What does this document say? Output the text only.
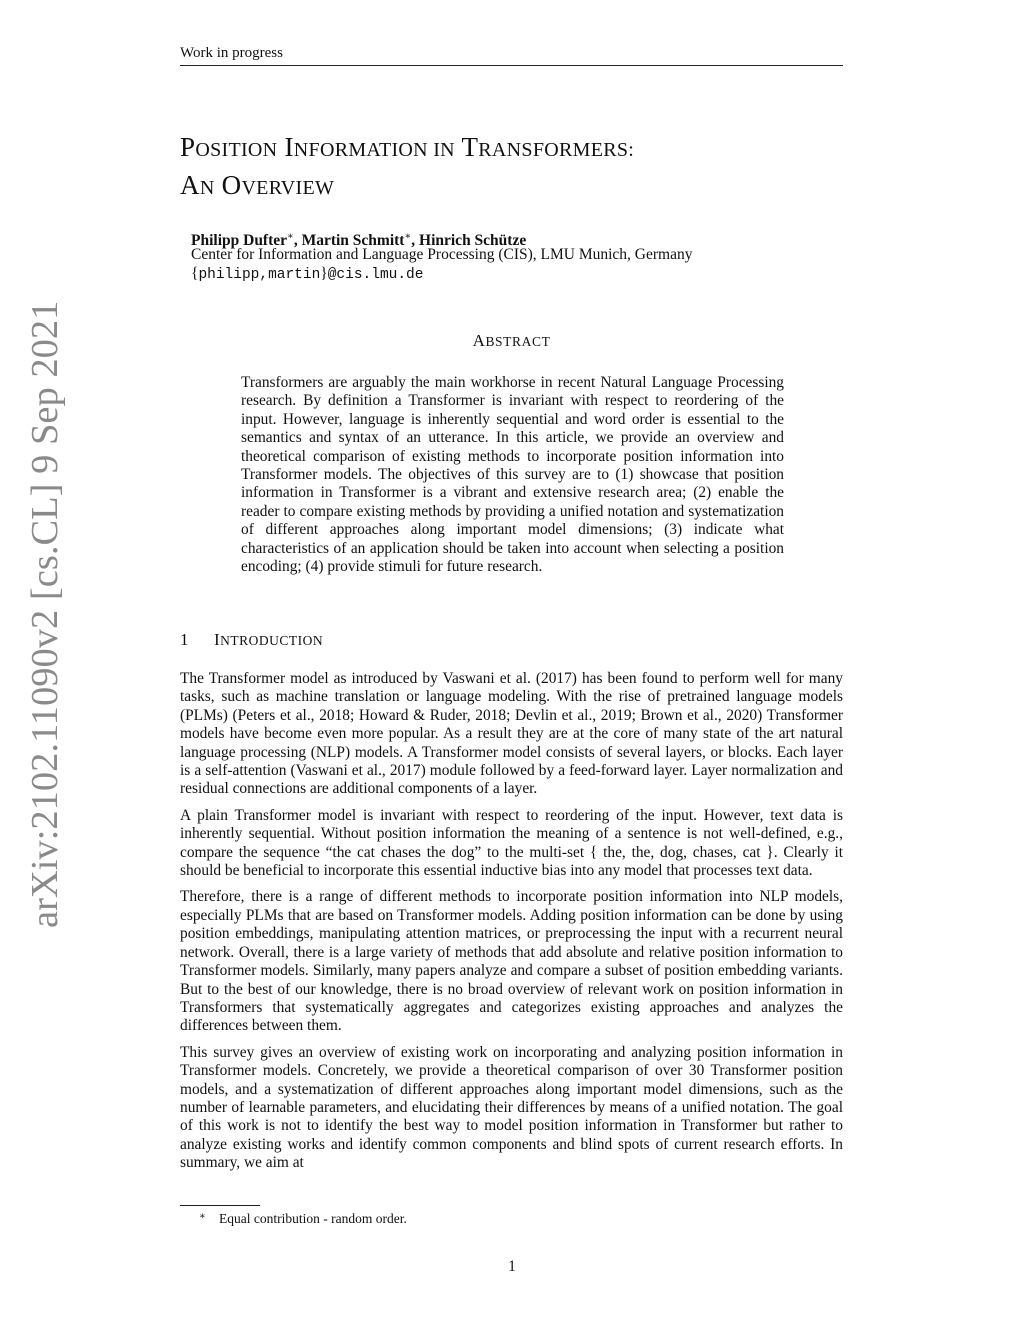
Work in progress
arXiv:2102.11090v2 [cs.CL] 9 Sep 2021
POSITION INFORMATION IN TRANSFORMERS:
AN OVERVIEW
Philipp Dufter∗, Martin Schmitt∗, Hinrich Schütze
Center for Information and Language Processing (CIS), LMU Munich, Germany
{philipp,martin}@cis.lmu.de
ABSTRACT
Transformers are arguably the main workhorse in recent Natural Language Processing research. By definition a Transformer is invariant with respect to reordering of the input. However, language is inherently sequential and word order is essential to the semantics and syntax of an utterance. In this article, we provide an overview and theoretical comparison of existing methods to incorporate position information into Transformer models. The objectives of this survey are to (1) showcase that position information in Transformer is a vibrant and extensive research area; (2) enable the reader to compare existing methods by providing a unified notation and systematization of different approaches along important model dimensions; (3) indicate what characteristics of an application should be taken into account when selecting a position encoding; (4) provide stimuli for future research.
1 INTRODUCTION

The Transformer model as introduced by Vaswani et al. (2017) has been found to perform well for many tasks, such as machine translation or language modeling. With the rise of pretrained language models (PLMs) (Peters et al., 2018; Howard & Ruder, 2018; Devlin et al., 2019; Brown et al., 2020) Transformer models have become even more popular. As a result they are at the core of many state of the art natural language processing (NLP) models. A Transformer model consists of several layers, or blocks. Each layer is a self-attention (Vaswani et al., 2017) module followed by a feed-forward layer. Layer normalization and residual connections are additional components of a layer.

A plain Transformer model is invariant with respect to reordering of the input. However, text data is inherently sequential. Without position information the meaning of a sentence is not well-defined, e.g., compare the sequence “the cat chases the dog” to the multi-set { the, the, dog, chases, cat }. Clearly it should be beneficial to incorporate this essential inductive bias into any model that processes text data.

Therefore, there is a range of different methods to incorporate position information into NLP models, especially PLMs that are based on Transformer models. Adding position information can be done by using position embeddings, manipulating attention matrices, or preprocessing the input with a recurrent neural network. Overall, there is a large variety of methods that add absolute and relative position information to Transformer models. Similarly, many papers analyze and compare a subset of position embedding variants. But to the best of our knowledge, there is no broad overview of relevant work on position information in Transformers that systematically aggregates and categorizes existing approaches and analyzes the differences between them.

This survey gives an overview of existing work on incorporating and analyzing position information in Transformer models. Concretely, we provide a theoretical comparison of over 30 Transformer position models, and a systematization of different approaches along important model dimensions, such as the number of learnable parameters, and elucidating their differences by means of a unified notation. The goal of this work is not to identify the best way to model position information in Transformer but rather to analyze existing works and identify common components and blind spots of current research efforts. In summary, we aim at

∗ Equal contribution - random order.
1
